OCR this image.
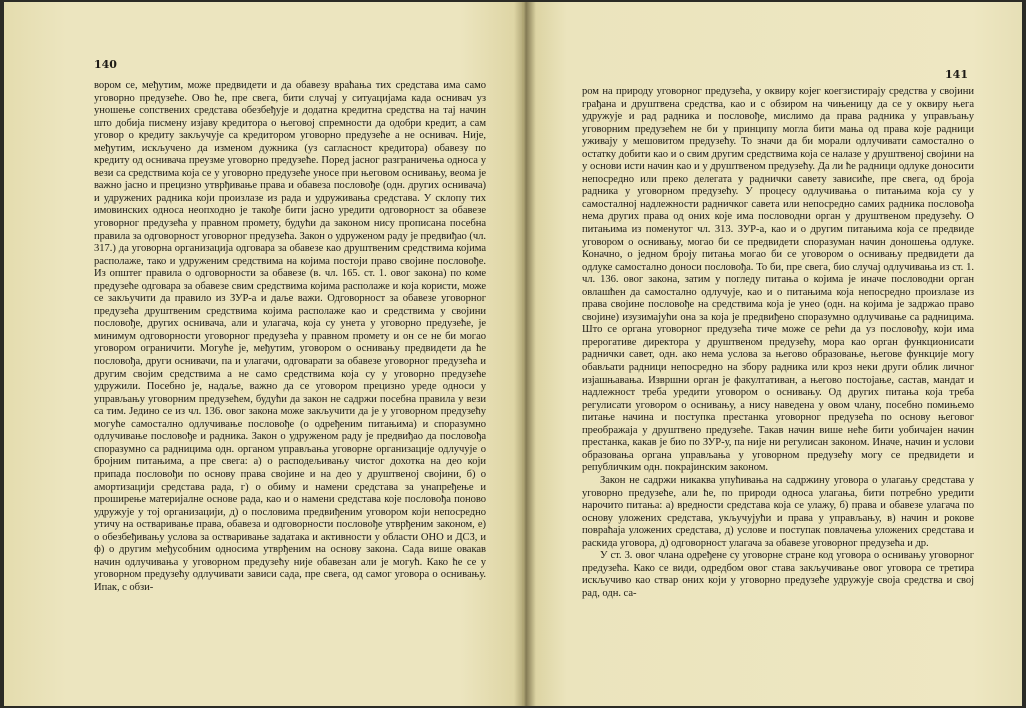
140

вором се, међутим, може предвидети и да обавезу враћања тих средстава има само уговорно предузеће. Ово ће, пре свега, бити случај у ситуацијама када оснивач уз уношење сопствених средстава обезбеђује и додатна кредитна средства на тај начин што добија писмену изјаву кредитора о његовој спремности да одобри кредит, а сам уговор о кредиту закључује са кредитором уговорно предузеће а не оснивач. Није, међутим, искључено да изменом дужника (уз сагласност кредитора) обавезу по кредиту од оснивача преузме уговорно предузеће. Поред јасног разграничења односа у вези са средствима која се у уговорно предузеће уносе при његовом оснивању, веома је важно јасно и прецизно утврђивање права и обавеза пословође (одн. других оснивача) и удружених радника који произлазе из рада и удруживања средстава. У склопу тих имовинских односа неопходно је такође бити јасно уредити одговорност за обавезе уговорног предузећа у правном промету, будући да законом нису прописана посебна правила за одговорност уговорног предузећа. Закон о удруженом раду је предвиђао (чл. 317.) да уговорна организација одговара за обавезе као друштвеним средствима којима располаже, тако и удруженим средствима на којима постоји право својине пословође. Из општег правила о одговорности за обавезе (в. чл. 165. ст. 1. овог закона) по коме предузеће одговара за обавезе свим средствима којима располаже и која користи, може се закључити да правило из ЗУР-а и даље важи. Одговорност за обавезе уговорног предузећа друштвеним средствима којима располаже као и средствима у својини пословође, других оснивача, али и улагача, која су унета у уговорно предузеће, је минимум одговорности уговорног предузећа у правном промету и он се не би могао уговором ограничити. Могуће је, међутим, уговором о оснивању предвидети да ће пословођа, други оснивачи, па и улагачи, одговарати за обавезе уговорног предузећа и другим својим средствима а не само средствима која су у уговорно предузеће удружили. Посебно је, надаље, важно да се уговором прецизно уреде односи у управљању уговорним предузећем, будући да закон не садржи посебна правила у вези са тим. Једино се из чл. 136. овог закона може закључити да је у уговорном предузећу могуће самостално одлучивање пословође (о одређеним питањима) и споразумно одлучивање пословође и радника. Закон о удруженом раду је предвиђао да пословођа споразумно са радницима одн. органом управљања уговорне организације одлучује о бројним питањима, а пре свега: а) о расподељивању чистог дохотка на део који припада пословођи по основу права својине и на део у друштвеној својини, б) о амортизацији средстава рада, г) о обиму и намени средстава за унапређење и проширење материјалне основе рада, као и о намени средстава које пословођа поново удружује у тој организацији, д) о пословима предвиђеним уговором који непосредно утичу на остваривање права, обавеза и одговорности пословође утврђеним законом, е) о обезбеђивању услова за остваривање задатака и активности у области ОНО и ДСЗ, и ф) о другим међусобним односима утврђеним на основу закона. Сада више овакав начин одлучивања у уговорном предузећу није обавезан али је могућ. Како ће се у уговорном предузећу одлучивати зависи сада, пре свега, од самог уговора о оснивању. Ипак, с обзи-

141

ром на природу уговорног предузећа, у оквиру којег коегзистирају средства у својини грађана и друштвена средства, као и с обзиром на чињеницу да се у оквиру њега удружује и рад радника и пословође, мислимо да права радника у управљању уговорним предузећем не би у принципу могла бити мања од права које радници уживају у мешовитом предузећу. То значи да би морали одлучивати самостално о остатку добити као и о свим другим средствима која се налазе у друштвеној својини на у основи исти начин као и у друштвеном предузећу. Да ли ће радници одлуке доносити непосредно или преко делегата у раднички савету зависиће, пре свега, од броја радника у уговорном предузећу. У процесу одлучивања о питањима која су у самосталној надлежности радничког савета или непосредно самих радника пословођа нема других права од оних које има пословодни орган у друштвеном предузећу. О питањима из поменутог чл. 313. ЗУР-а, као и о другим питањима која се предвиде уговором о оснивању, могао би се предвидети споразуман начин доношења одлуке. Коначно, о једном броју питања могао би се уговором о оснивању предвидети да одлуке самостално доноси пословођа. То би, пре свега, био случај одлучивања из ст. 1. чл. 136. овог закона, затим у погледу питања о којима је иначе пословодни орган овлашћен да самостално одлучује, као и о питањима која непосредно произлазе из права својине пословође на средствима која је унео (одн. на којима је задржао право својине) изузимајући она за која је предвиђено споразумно одлучивање са радницима. Што се органа уговорног предузећа тиче може се рећи да уз пословођу, који има прерогативе директора у друштвеном предузећу, мора као орган функционисати раднички савет, одн. ако нема услова за његово образовање, његове функције могу обављати радници непосредно на збору радника или кроз неки други облик личног изјашњавања. Извршни орган је факултативан, а његово постојање, састав, мандат и надлежност треба уредити уговором о оснивању. Од других питања која треба регулисати уговором о оснивању, а нису наведена у овом члану, посебно помињемо питање начина и поступка престанка уговорног предузећа по основу његовог преображаја у друштвено предузеће. Такав начин више неће бити уобичајен начин престанка, какав је био по ЗУР-у, па није ни регулисан законом. Иначе, начин и услови образовања органа управљања у уговорном предузећу могу се предвидети и републичким одн. покрајинским законом.

Закон не садржи никаква упућивања на садржину уговора о улагању средстава у уговорно предузеће, али ће, по природи односа улагања, бити потребно уредити нарочито питања: а) вредности средстава која се улажу, б) права и обавезе улагача по основу уложених средстава, укључујући и права у управљању, в) начин и рокове повраћаја уложених средстава, д) услове и поступак повлачења уложених средстава и раскида уговора, д) одговорност улагача за обавезе уговорног предузећа и др.

У ст. 3. овог члана одређене су уговорне стране код уговора о оснивању уговорног предузећа. Како се види, одредбом овог става закључивање овог уговора се третира искључиво као ствар оних који у уговорно предузеће удружује своја средства и свој рад, одн. са-
